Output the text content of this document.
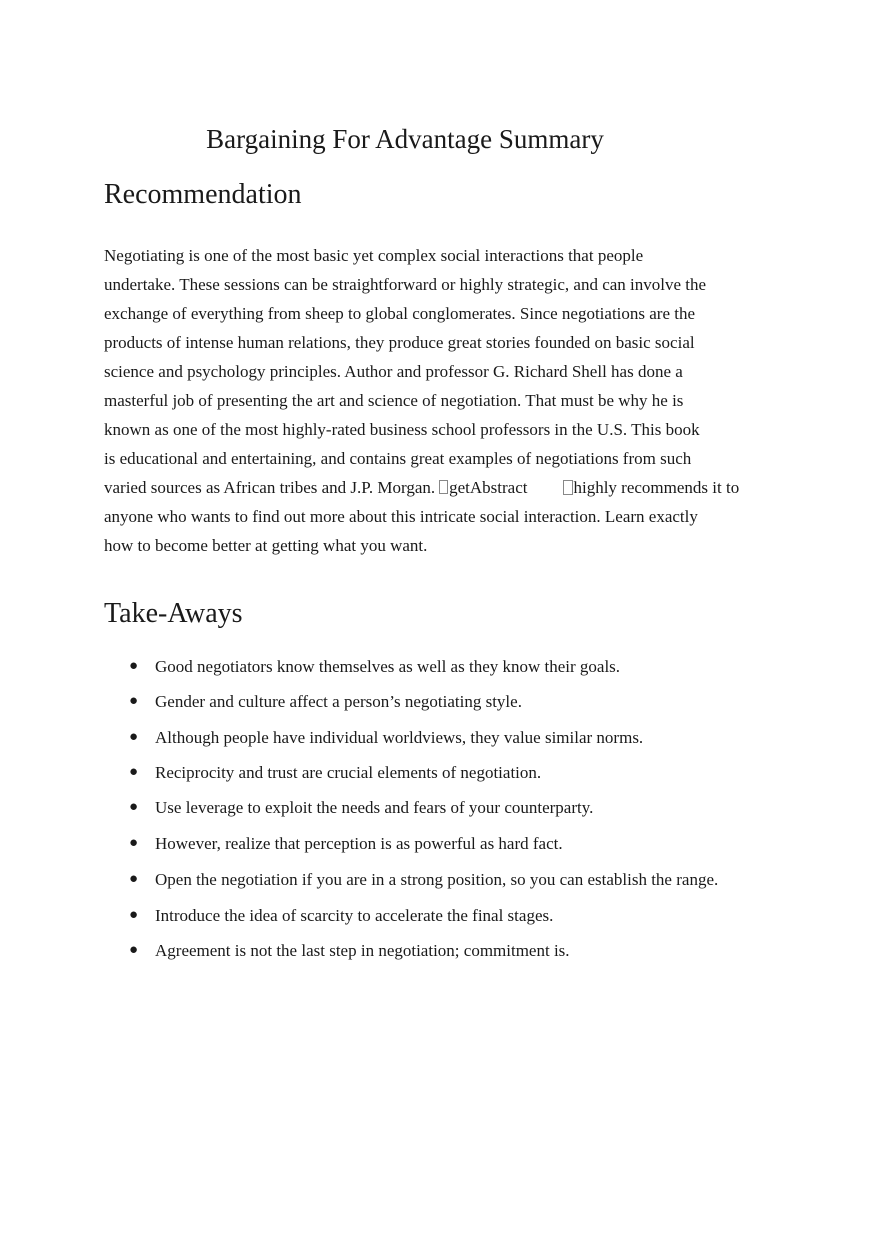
Bargaining For Advantage Summary
Recommendation

Negotiating is one of the most basic yet complex social interactions that people
undertake. These sessions can be straightforward or highly strategic, and can involve the
exchange of everything from sheep to global conglomerates. Since negotiations are the
products of intense human relations, they produce great stories founded on basic social
science and psychology principles. Author and professor G. Richard Shell has done a
masterful job of presenting the art and science of negotiation. That must be why he is
known as one of the most highly-rated business school professors in the U.S. This book
is educational and entertaining, and contains great examples of negotiations from such
varied sources as African tribes and J.P. Morgan. getAbstract	highly recommends it to
anyone who wants to find out more about this intricate social interaction. Learn exactly
how to become better at getting what you want.

Take-Aways
● Good negotiators know themselves as well as they know their goals.
● Gender and culture affect a person’s negotiating style.
● Although people have individual worldviews, they value similar norms.
● Reciprocity and trust are crucial elements of negotiation.
● Use leverage to exploit the needs and fears of your counterparty.
● However, realize that perception is as powerful as hard fact.
● Open the negotiation if you are in a strong position, so you can establish the range.
● Introduce the idea of scarcity to accelerate the final stages.
● Agreement is not the last step in negotiation; commitment is.
